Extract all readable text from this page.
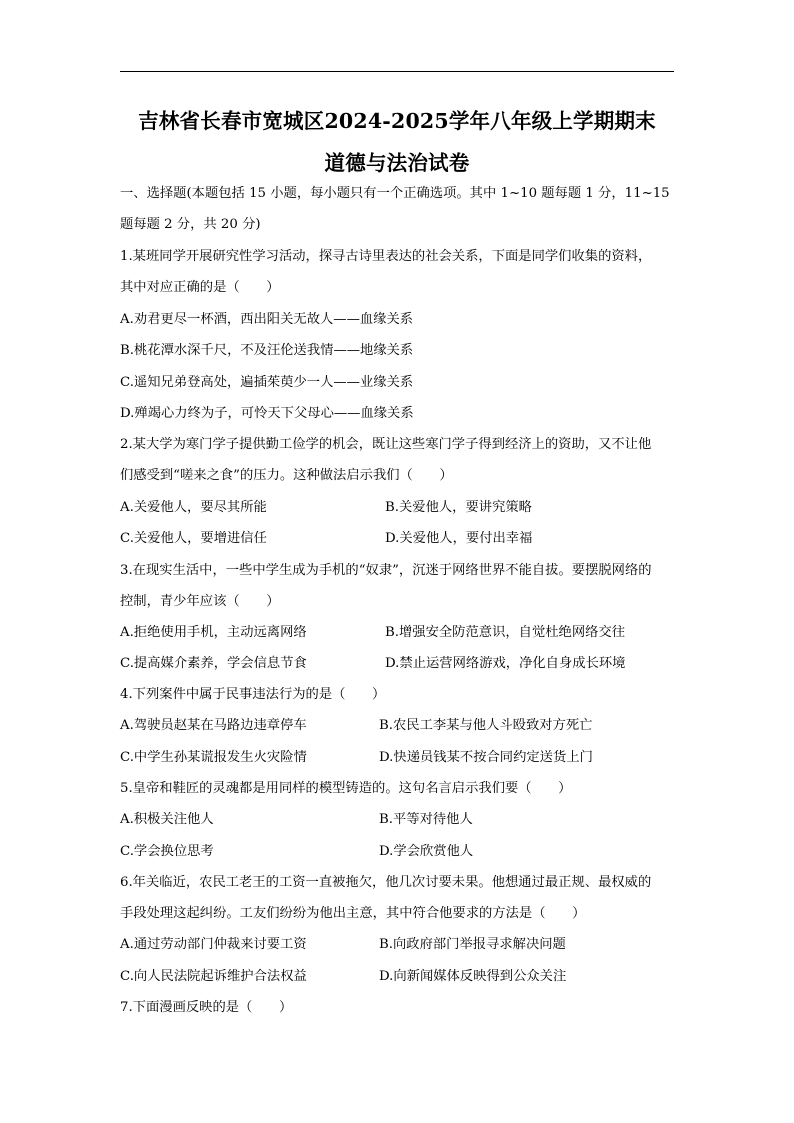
吉林省长春市宽城区2024-2025学年八年级上学期期末
道德与法治试卷
一、选择题(本题包括 15 小题，每小题只有一个正确选项。其中 1~10 题每题 1 分，11~15
题每题 2 分，共 20 分)
1.某班同学开展研究性学习活动，探寻古诗里表达的社会关系，下面是同学们收集的资料，
其中对应正确的是（　　）
A.劝君更尽一杯酒，西出阳关无故人——血缘关系
B.桃花潭水深千尺，不及汪伦送我情——地缘关系
C.遥知兄弟登高处，遍插茱萸少一人——业缘关系
D.殚竭心力终为子，可怜天下父母心——血缘关系
2.某大学为寒门学子提供勤工俭学的机会，既让这些寒门学子得到经济上的资助，又不让他
们感受到“嗟来之食”的压力。这种做法启示我们（　　）
A.关爱他人，要尽其所能	B.关爱他人，要讲究策略
C.关爱他人，要增进信任	D.关爱他人，要付出幸福
3.在现实生活中，一些中学生成为手机的“奴隶”，沉迷于网络世界不能自拔。要摆脱网络的
控制，青少年应该（　　）
A.拒绝使用手机，主动远离网络	B.增强安全防范意识，自觉杜绝网络交往
C.提高媒介素养，学会信息节食	D.禁止运营网络游戏，净化自身成长环境
4.下列案件中属于民事违法行为的是（　　）
A.驾驶员赵某在马路边违章停车	B.农民工李某与他人斗殴致对方死亡
C.中学生孙某谎报发生火灾险情	D.快递员钱某不按合同约定送货上门
5.皇帝和鞋匠的灵魂都是用同样的模型铸造的。这句名言启示我们要（　　）
A.积极关注他人	B.平等对待他人
C.学会换位思考	D.学会欣赏他人
6.年关临近，农民工老王的工资一直被拖欠，他几次讨要未果。他想通过最正规、最权威的
手段处理这起纠纷。工友们纷纷为他出主意，其中符合他要求的方法是（　　）
A.通过劳动部门仲裁来讨要工资	B.向政府部门举报寻求解决问题
C.向人民法院起诉维护合法权益	D.向新闻媒体反映得到公众关注
7.下面漫画反映的是（　　）
